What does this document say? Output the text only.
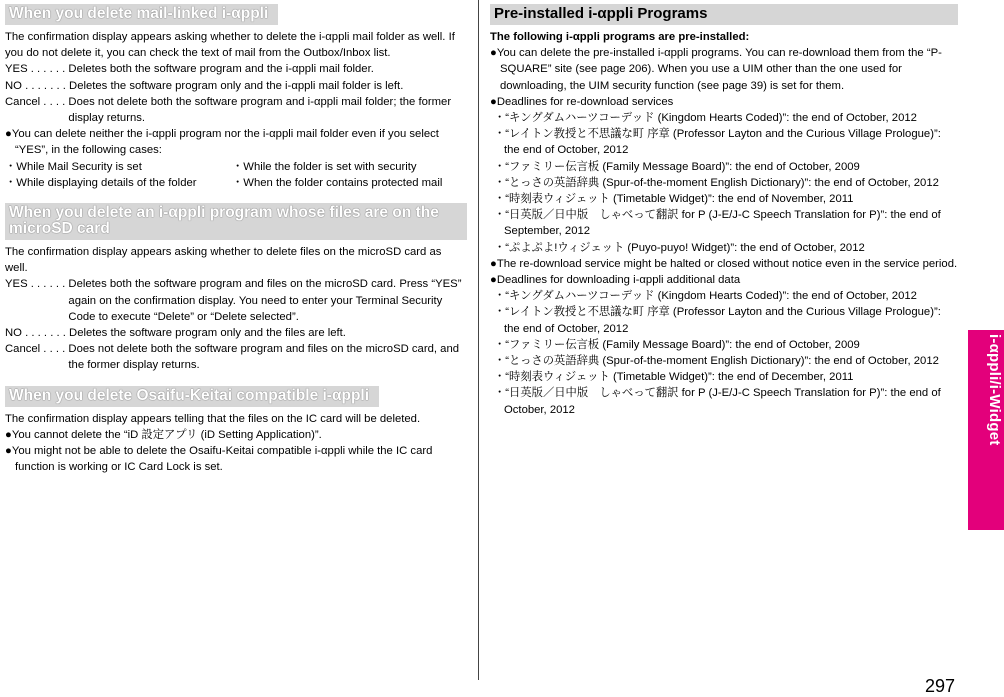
When you delete mail-linked i-αppli

The confirmation display appears asking whether to delete the i-αppli mail folder as well. If you do not delete it, you can check the text of mail from the Outbox/Inbox list.

YES . . . . . . Deletes both the software program and the i-αppli mail folder.
NO . . . . . . . Deletes the software program only and the i-αppli mail folder is left.
Cancel . . . . Does not delete both the software program and i-αppli mail folder; the former display returns.
●You can delete neither the i-αppli program nor the i-αppli mail folder even if you select “YES”, in the following cases:
・While Mail Security is set	・While the folder is set with security
・While displaying details of the folder	・When the folder contains protected mail
When you delete an i-αppli program whose files are on the microSD card

The confirmation display appears asking whether to delete files on the microSD card as well.

YES . . . . . . Deletes both the software program and files on the microSD card. Press “YES” again on the confirmation display. You need to enter your Terminal Security Code to execute “Delete” or “Delete selected”.
NO . . . . . . . Deletes the software program only and the files are left.
Cancel . . . . Does not delete both the software program and files on the microSD card, and the former display returns.
When you delete Osaifu-Keitai compatible i-αppli

The confirmation display appears telling that the files on the IC card will be deleted.

●You cannot delete the “iD 設定アプリ (iD Setting Application)”.
●You might not be able to delete the Osaifu-Keitai compatible i-αppli while the IC card function is working or IC Card Lock is set.
Pre-installed i-αppli Programs

The following i-αppli programs are pre-installed:

●You can delete the pre-installed i-αppli programs. You can re-download them from the “P-SQUARE” site (see page 206). When you use a UIM other than the one used for downloading, the UIM security function (see page 39) is set for them.
●Deadlines for re-download services
・“キングダムハーツコーデッド (Kingdom Hearts Coded)”: the end of October, 2012
・“レイトン教授と不思議な町 序章 (Professor Layton and the Curious Village Prologue)”: the end of October, 2012
・“ファミリー伝言板 (Family Message Board)”: the end of October, 2009
・“とっさの英語辞典 (Spur-of-the-moment English Dictionary)”: the end of October, 2012
・“時刻表ウィジェット (Timetable Widget)”: the end of November, 2011
・“日英版／日中版　しゃべって翻訳 for P (J-E/J-C Speech Translation for P)”: the end of September, 2012
・“ぷよぷよ!ウィジェット (Puyo-puyo! Widget)”: the end of October, 2012
●The re-download service might be halted or closed without notice even in the service period.
●Deadlines for downloading i-αppli additional data
・“キングダムハーツコーデッド (Kingdom Hearts Coded)”: the end of October, 2012
・“レイトン教授と不思議な町 序章 (Professor Layton and the Curious Village Prologue)”: the end of October, 2012
・“ファミリー伝言板 (Family Message Board)”: the end of October, 2009
・“とっさの英語辞典 (Spur-of-the-moment English Dictionary)”: the end of October, 2012
・“時刻表ウィジェット (Timetable Widget)”: the end of December, 2011
・“日英版／日中版　しゃべって翻訳 for P (J-E/J-C Speech Translation for P)”: the end of October, 2012	i-αppli/i-Widget
297
